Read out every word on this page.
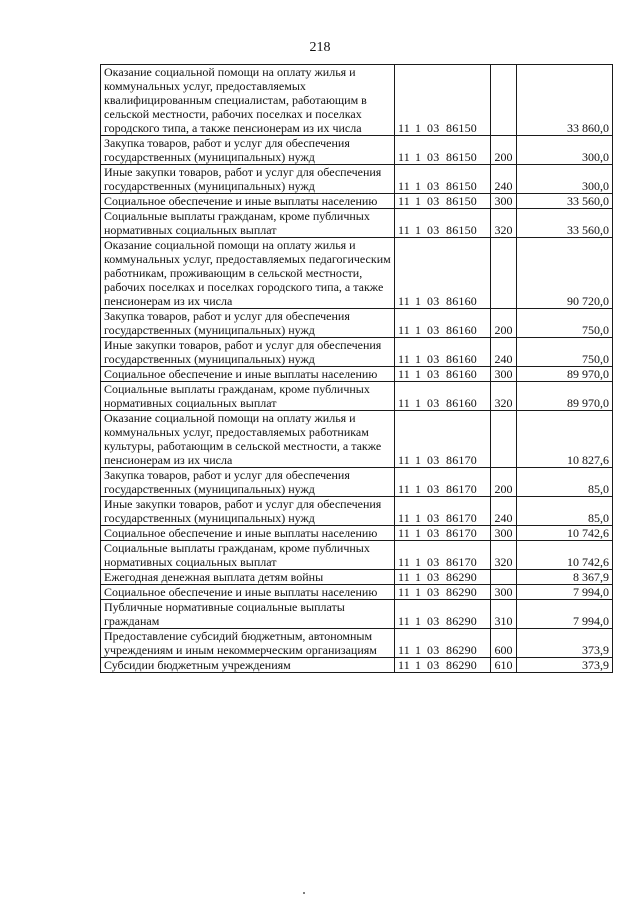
218
Оказание социальной помощи на оплату жилья и коммунальных услуг, предоставляемых квалифицированным специалистам, работающим в сельской местности, рабочих поселках и поселках городского типа, а также пенсионерам из их числа	11 1 03 86150		33 860,0
Закупка товаров, работ и услуг для обеспечения государственных (муниципальных) нужд	11 1 03 86150	200	300,0
Иные закупки товаров, работ и услуг для обеспечения государственных (муниципальных) нужд	11 1 03 86150	240	300,0
Социальное обеспечение и иные выплаты населению	11 1 03 86150	300	33 560,0
Социальные выплаты гражданам, кроме публичных нормативных социальных выплат	11 1 03 86150	320	33 560,0
Оказание социальной помощи на оплату жилья и коммунальных услуг, предоставляемых педагогическим работникам, проживающим в сельской местности, рабочих поселках и поселках городского типа, а также пенсионерам из их числа	11 1 03 86160		90 720,0
Закупка товаров, работ и услуг для обеспечения государственных (муниципальных) нужд	11 1 03 86160	200	750,0
Иные закупки товаров, работ и услуг для обеспечения государственных (муниципальных) нужд	11 1 03 86160	240	750,0
Социальное обеспечение и иные выплаты населению	11 1 03 86160	300	89 970,0
Социальные выплаты гражданам, кроме публичных нормативных социальных выплат	11 1 03 86160	320	89 970,0
Оказание социальной помощи на оплату жилья и коммунальных услуг, предоставляемых работникам культуры, работающим в сельской местности, а также пенсионерам из их числа	11 1 03 86170		10 827,6
Закупка товаров, работ и услуг для обеспечения государственных (муниципальных) нужд	11 1 03 86170	200	85,0
Иные закупки товаров, работ и услуг для обеспечения государственных (муниципальных) нужд	11 1 03 86170	240	85,0
Социальное обеспечение и иные выплаты населению	11 1 03 86170	300	10 742,6
Социальные выплаты гражданам, кроме публичных нормативных социальных выплат	11 1 03 86170	320	10 742,6
Ежегодная денежная выплата детям войны	11 1 03 86290		8 367,9
Социальное обеспечение и иные выплаты населению	11 1 03 86290	300	7 994,0
Публичные нормативные социальные выплаты гражданам	11 1 03 86290	310	7 994,0
Предоставление субсидий бюджетным, автономным учреждениям и иным некоммерческим организациям	11 1 03 86290	600	373,9
Субсидии бюджетным учреждениям	11 1 03 86290	610	373,9
